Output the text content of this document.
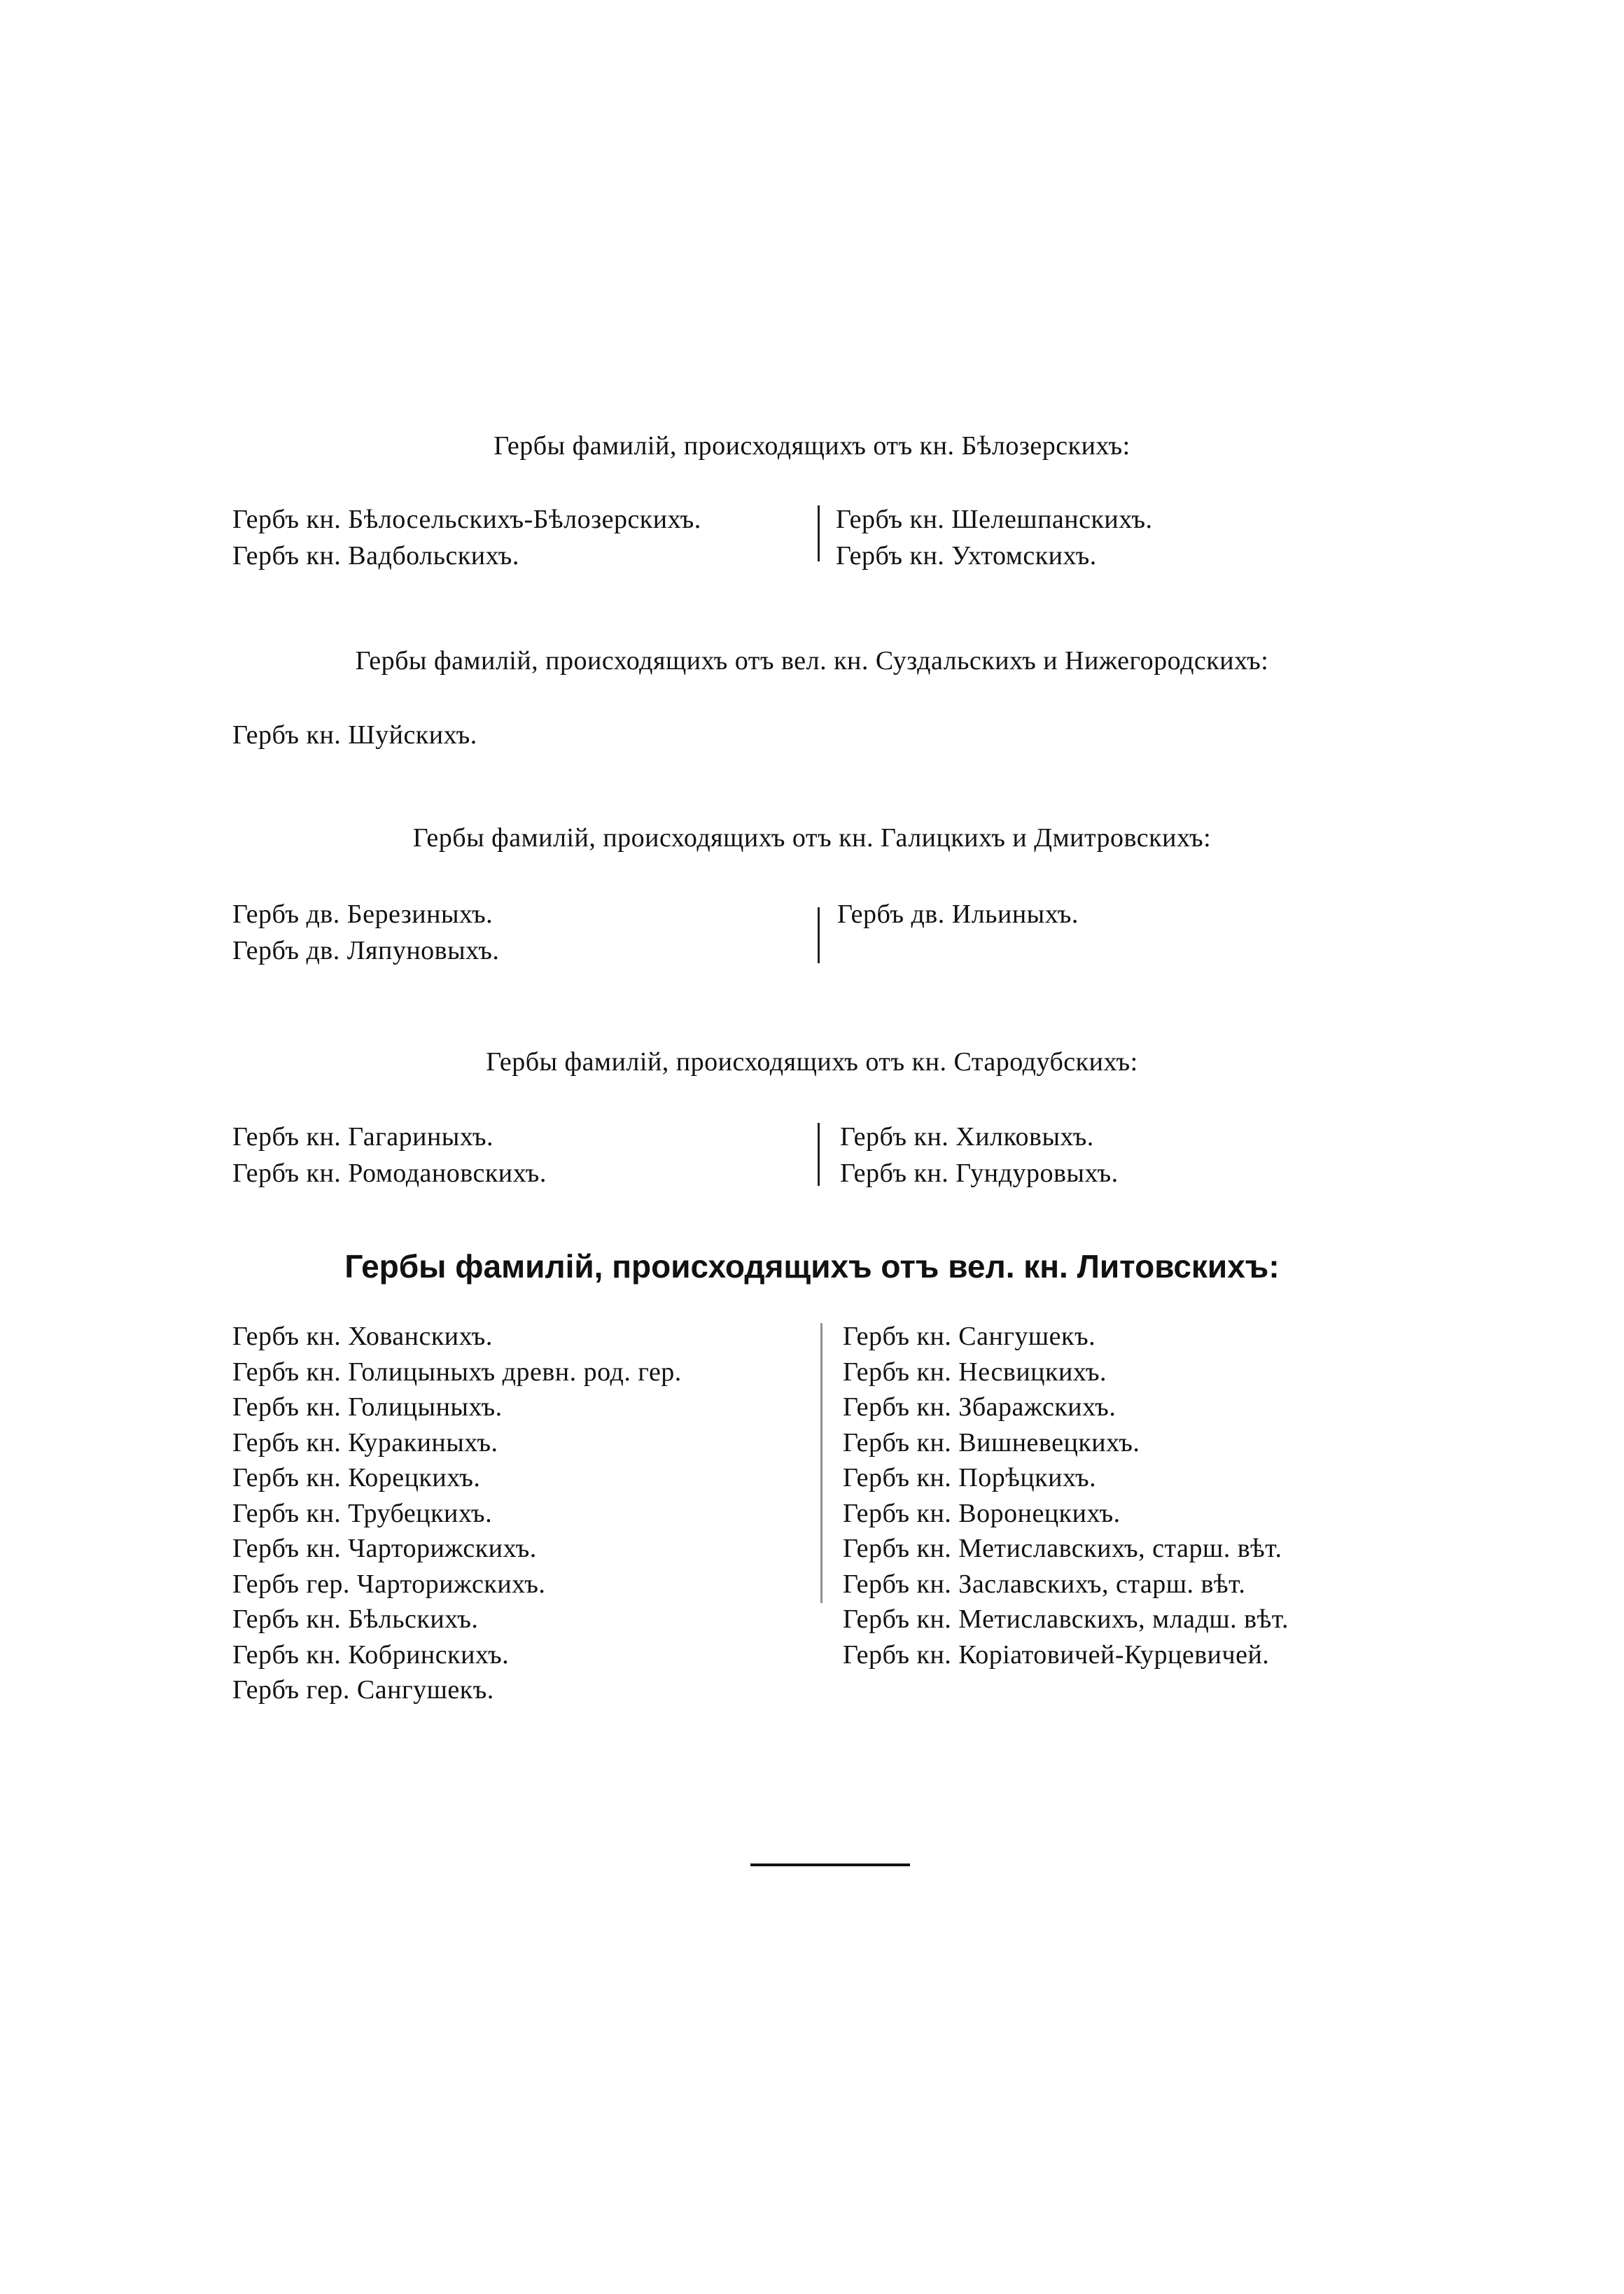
Гербы фамилій, происходящихъ отъ кн. Бѣлозерскихъ:
Гербъ кн. Бѣлосельскихъ-Бѣлозерскихъ.
Гербъ кн. Вадбольскихъ.
Гербъ кн. Шелешпанскихъ.
Гербъ кн. Ухтомскихъ.
Гербы фамилій, происходящихъ отъ вел. кн. Суздальскихъ и Нижегородскихъ:
Гербъ кн. Шуйскихъ.
Гербы фамилій, происходящихъ отъ кн. Галицкихъ и Дмитровскихъ:
Гербъ дв. Березиныхъ.
Гербъ дв. Ляпуновыхъ.
Гербъ дв. Ильиныхъ.
Гербы фамилій, происходящихъ отъ кн. Стародубскихъ:
Гербъ кн. Гагариныхъ.
Гербъ кн. Ромодановскихъ.
Гербъ кн. Хилковыхъ.
Гербъ кн. Гундуровыхъ.
Гербы фамилій, происходящихъ отъ вел. кн. Литовскихъ:
Гербъ кн. Хованскихъ.
Гербъ кн. Голицыныхъ древн. род. гер.
Гербъ кн. Голицыныхъ.
Гербъ кн. Куракиныхъ.
Гербъ кн. Корецкихъ.
Гербъ кн. Трубецкихъ.
Гербъ кн. Чарторижскихъ.
Гербъ гер. Чарторижскихъ.
Гербъ кн. Бѣльскихъ.
Гербъ кн. Кобринскихъ.
Гербъ гер. Сангушекъ.
Гербъ кн. Сангушекъ.
Гербъ кн. Несвицкихъ.
Гербъ кн. Збаражскихъ.
Гербъ кн. Вишневецкихъ.
Гербъ кн. Порѣцкихъ.
Гербъ кн. Воронецкихъ.
Гербъ кн. Метиславскихъ, старш. вѣт.
Гербъ кн. Заславскихъ, старш. вѣт.
Гербъ кн. Метиславскихъ, младш. вѣт.
Гербъ кн. Коріатовичей-Курцевичей.
